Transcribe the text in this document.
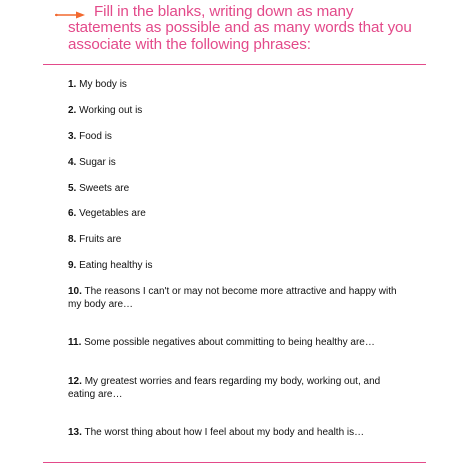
Fill in the blanks, writing down as many statements as possible and as many words that you associate with the following phrases:

1. My body is
2. Working out is
3. Food is
4. Sugar is
5. Sweets are
6. Vegetables are
8. Fruits are
9. Eating healthy is
10. The reasons I can't or may not become more attractive and happy with my body are…
11. Some possible negatives about committing to being healthy are…
12. My greatest worries and fears regarding my body, working out, and eating are…
13. The worst thing about how I feel about my body and health is…
